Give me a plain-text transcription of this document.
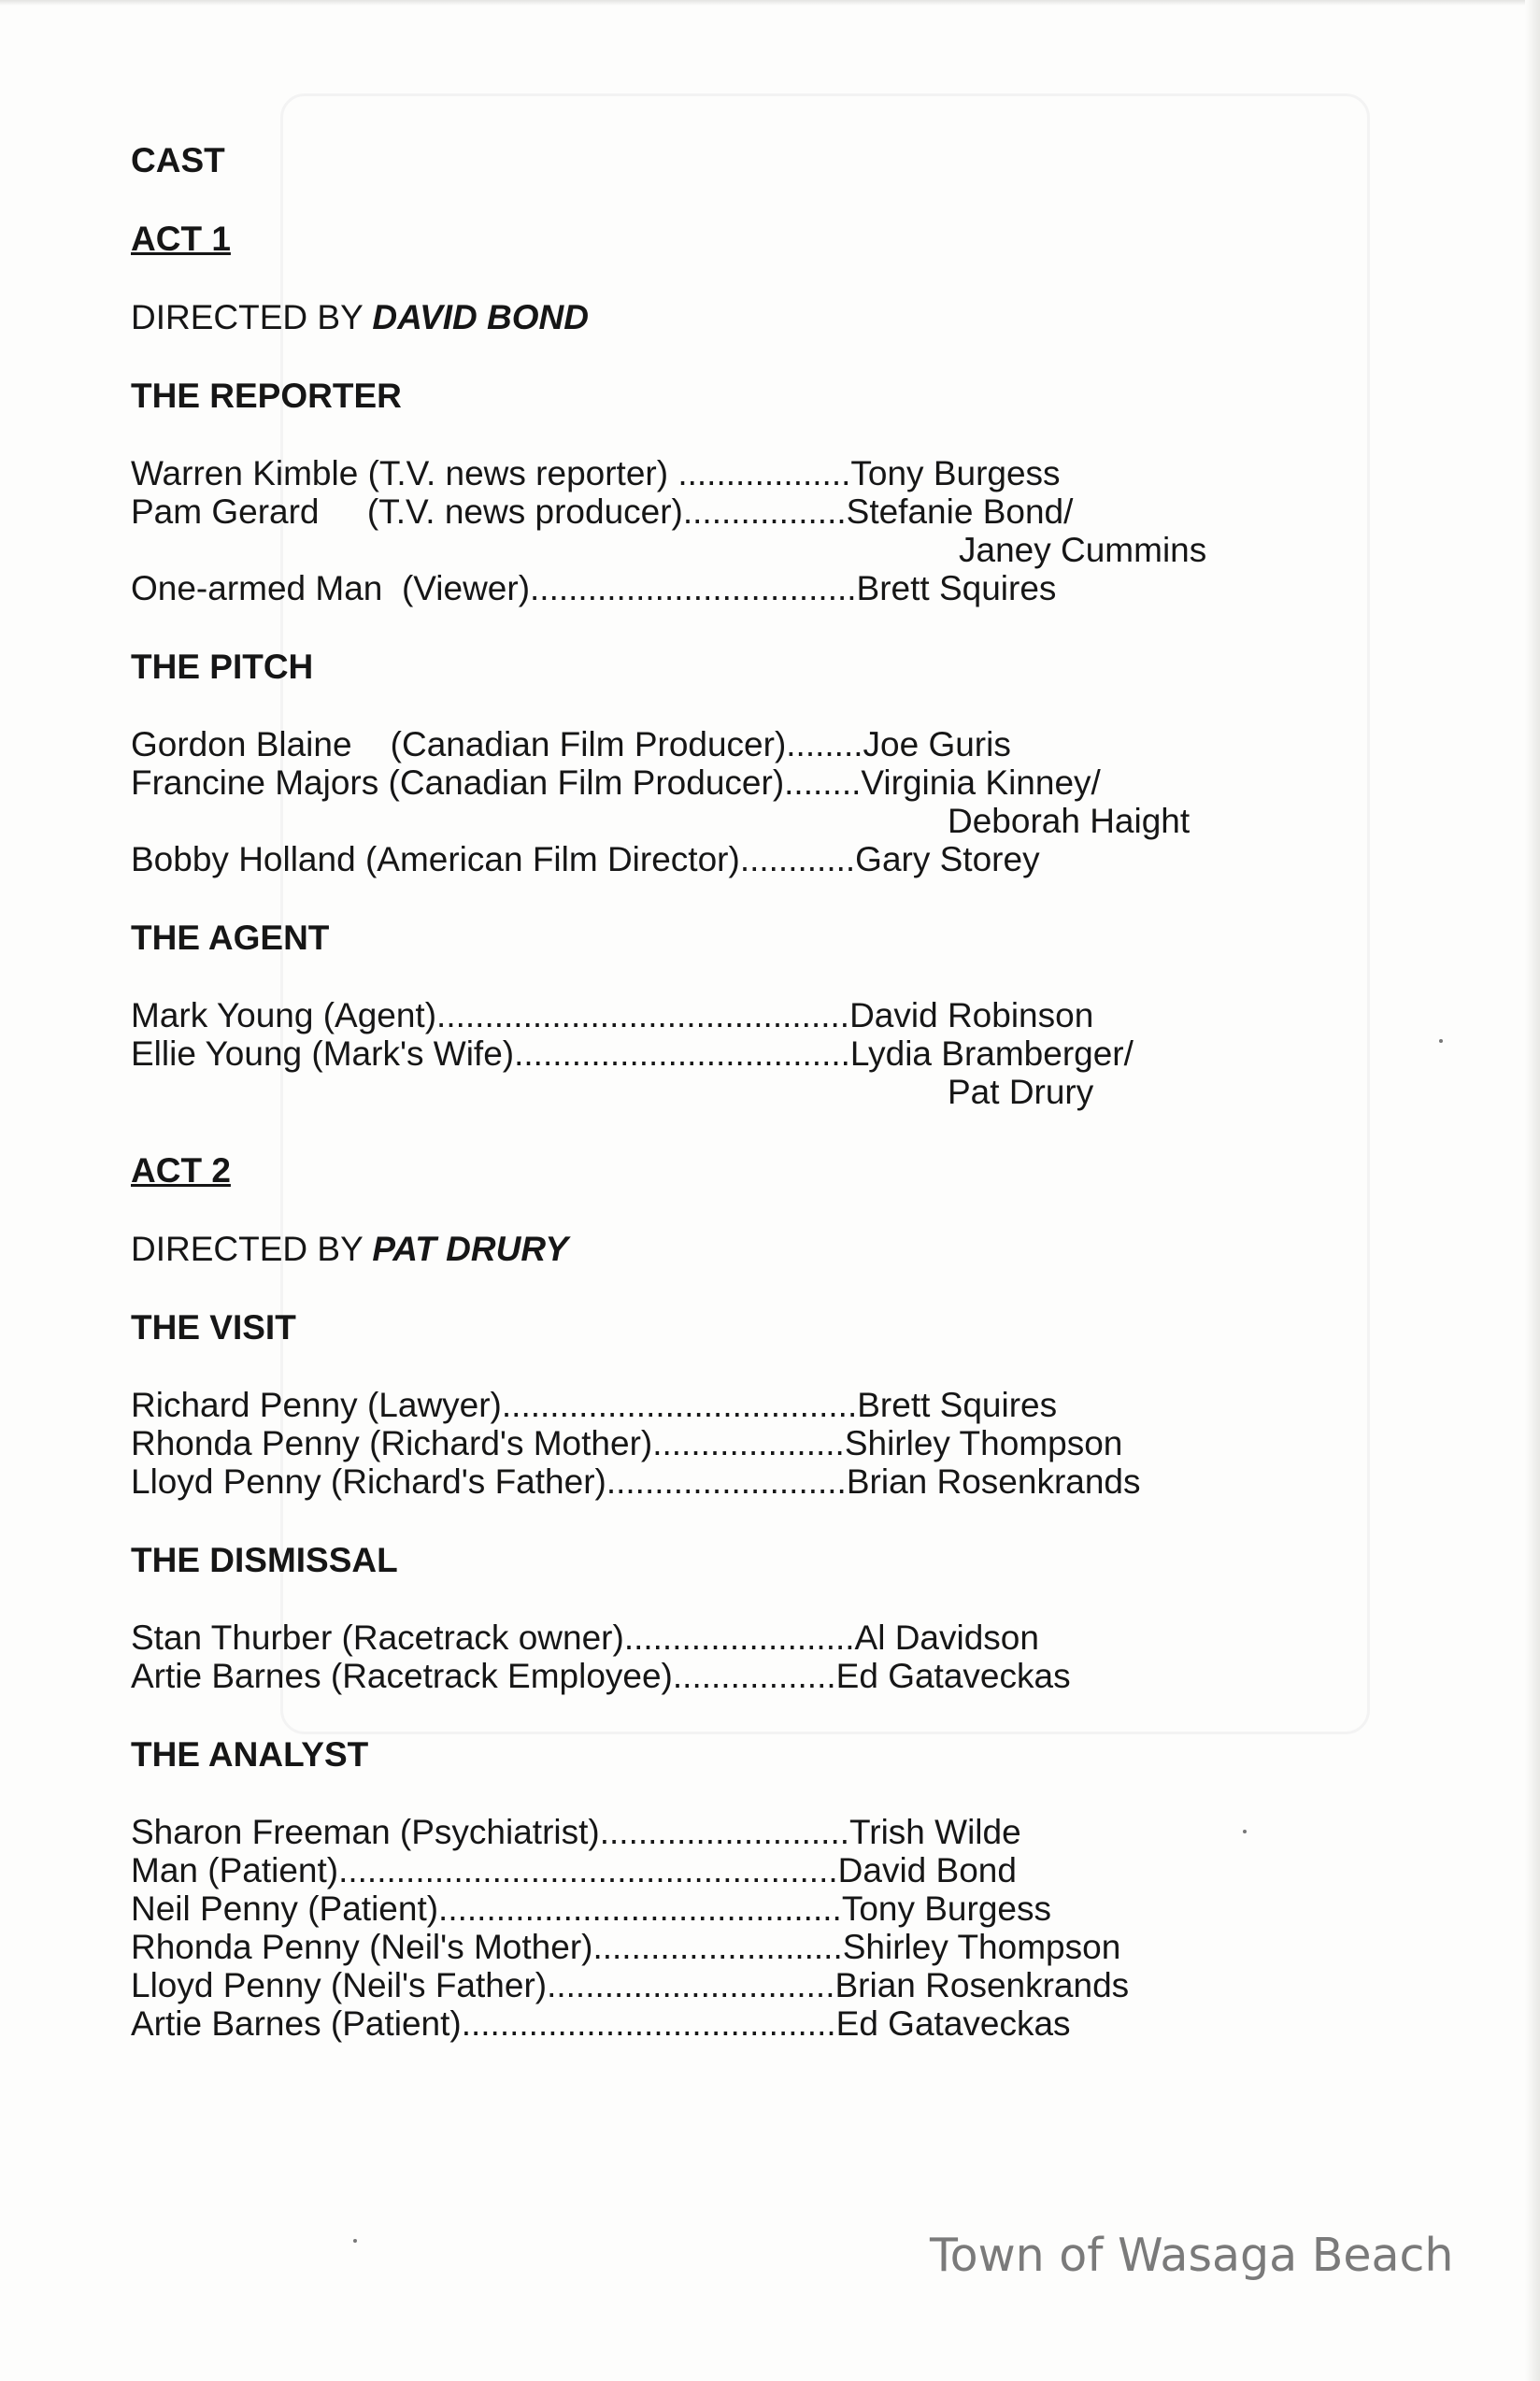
CAST
ACT 1
DIRECTED BY DAVID BOND
THE REPORTER
Warren Kimble (T.V. news reporter) ..................Tony Burgess
Pam Gerard     (T.V. news producer).................Stefanie Bond/
Janey Cummins
One-armed Man  (Viewer)..................................Brett Squires
THE PITCH
Gordon Blaine    (Canadian Film Producer)........Joe Guris
Francine Majors (Canadian Film Producer)........Virginia Kinney/
Deborah Haight
Bobby Holland (American Film Director)............Gary Storey
THE AGENT
Mark Young (Agent)...........................................David Robinson
Ellie Young (Mark's Wife)...................................Lydia Bramberger/
Pat Drury
ACT 2
DIRECTED BY PAT DRURY
THE VISIT
Richard Penny (Lawyer).....................................Brett Squires
Rhonda Penny (Richard's Mother)....................Shirley Thompson
Lloyd Penny (Richard's Father).........................Brian Rosenkrands
THE DISMISSAL
Stan Thurber (Racetrack owner)........................Al Davidson
Artie Barnes (Racetrack Employee).................Ed Gataveckas
THE ANALYST
Sharon Freeman (Psychiatrist)..........................Trish Wilde
Man (Patient)....................................................David Bond
Neil Penny (Patient)..........................................Tony Burgess
Rhonda Penny (Neil's Mother)..........................Shirley Thompson
Lloyd Penny (Neil's Father)..............................Brian Rosenkrands
Artie Barnes (Patient).......................................Ed Gataveckas
Town of Wasaga Beach
